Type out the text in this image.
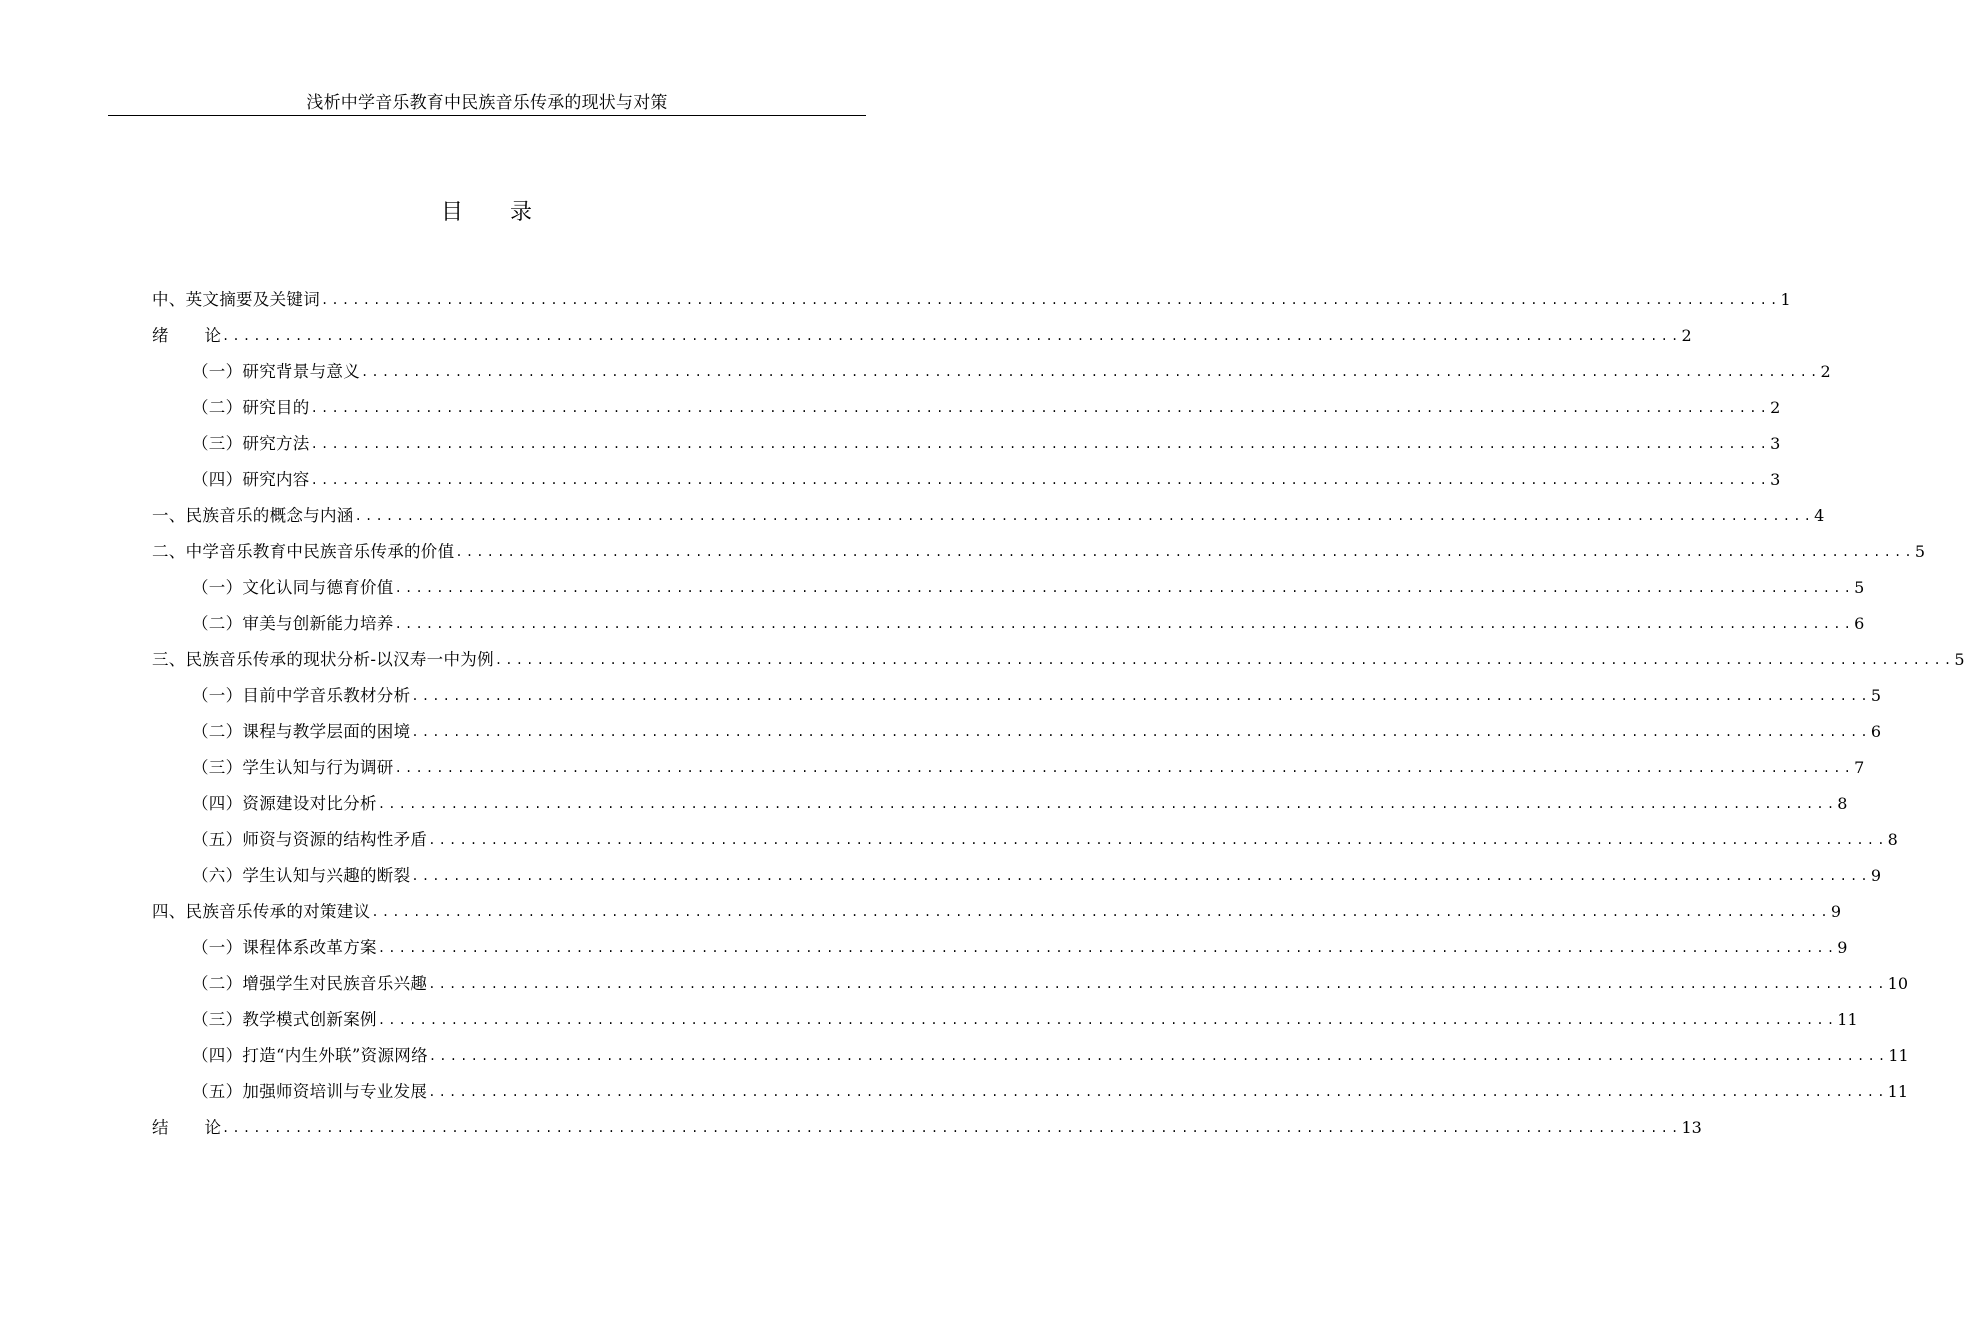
浅析中学音乐教育中民族音乐传承的现状与对策
目 录
中、英文摘要及关键词 ............................................................................................................................................ 1
绪 论 ............................................................................................................................................ 2
（一）研究背景与意义 ............................................................................................................................................ 2
（二）研究目的 ............................................................................................................................................ 2
（三）研究方法 ............................................................................................................................................ 3
（四）研究内容 ............................................................................................................................................ 3
一、民族音乐的概念与内涵 ............................................................................................................................................ 4
二、中学音乐教育中民族音乐传承的价值 ............................................................................................................................................ 5
（一）文化认同与德育价值 ............................................................................................................................................ 5
（二）审美与创新能力培养 ............................................................................................................................................ 6
三、民族音乐传承的现状分析-以汉寿一中为例 ............................................................................................................................................ 5
（一）目前中学音乐教材分析 ............................................................................................................................................ 5
（二）课程与教学层面的困境 ............................................................................................................................................ 6
（三）学生认知与行为调研 ............................................................................................................................................ 7
（四）资源建设对比分析 ............................................................................................................................................ 8
（五）师资与资源的结构性矛盾 ............................................................................................................................................ 8
（六）学生认知与兴趣的断裂 ............................................................................................................................................ 9
四、民族音乐传承的对策建议 ............................................................................................................................................ 9
（一）课程体系改革方案 ............................................................................................................................................ 9
（二）增强学生对民族音乐兴趣 ............................................................................................................................................ 10
（三）教学模式创新案例 ............................................................................................................................................ 11
（四）打造“内生外联”资源网络 ............................................................................................................................................ 11
（五）加强师资培训与专业发展 ............................................................................................................................................ 11
结 论 ............................................................................................................................................ 13
